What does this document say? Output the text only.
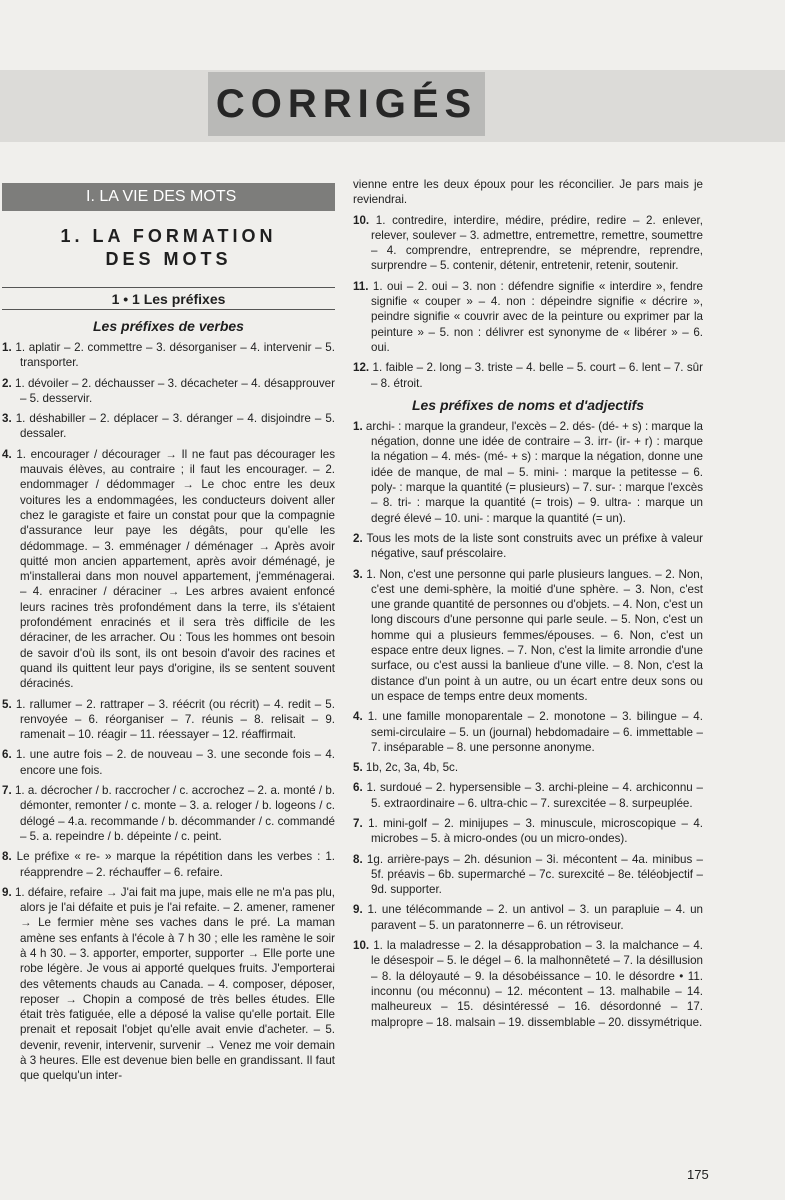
CORRIGÉS
I. LA VIE DES MOTS
1. LA FORMATION
DES MOTS
1 • 1 Les préfixes
Les préfixes de verbes

1. 1. aplatir – 2. commettre – 3. désorganiser – 4. intervenir – 5. transporter.

2. 1. dévoiler – 2. déchausser – 3. décacheter – 4. désapprouver – 5. desservir.

3. 1. déshabiller – 2. déplacer – 3. déranger – 4. disjoindre – 5. dessaler.

4. 1. encourager / décourager → Il ne faut pas décourager les mauvais élèves, au contraire ; il faut les encourager. – 2. endommager / dédommager → Le choc entre les deux voitures les a endommagées, les conducteurs doivent aller chez le garagiste et faire un constat pour que la compagnie d'assurance leur paye les dégâts, pour qu'elle les dédommage. – 3. emménager / déménager → Après avoir quitté mon ancien appartement, après avoir déménagé, je m'installerai dans mon nouvel appartement, j'emménagerai. – 4. enraciner / déraciner → Les arbres avaient enfoncé leurs racines très profondément dans la terre, ils s'étaient profondément enracinés et il sera très difficile de les déraciner, de les arracher. Ou : Tous les hommes ont besoin de savoir d'où ils sont, ils ont besoin d'avoir des racines et quand ils quittent leur pays d'origine, ils se sentent souvent déracinés.

5. 1. rallumer – 2. rattraper – 3. réécrit (ou récrit) – 4. redit – 5. renvoyée – 6. réorganiser – 7. réunis – 8. relisait – 9. ramenait – 10. réagir – 11. réessayer – 12. réaffirmait.

6. 1. une autre fois – 2. de nouveau – 3. une seconde fois – 4. encore une fois.

7. 1. a. décrocher / b. raccrocher / c. accrochez – 2. a. monté / b. démonter, remonter / c. monte – 3. a. reloger / b. logeons / c. délogé – 4.a. recommande / b. décommander / c. commandé – 5. a. repeindre / b. dépeinte / c. peint.

8. Le préfixe « re- » marque la répétition dans les verbes : 1. réapprendre – 2. réchauffer – 6. refaire.

9. 1. défaire, refaire → J'ai fait ma jupe, mais elle ne m'a pas plu, alors je l'ai défaite et puis je l'ai refaite. – 2. amener, ramener → Le fermier mène ses vaches dans le pré. La maman amène ses enfants à l'école à 7 h 30 ; elle les ramène le soir à 4 h 30. – 3. apporter, emporter, supporter → Elle porte une robe légère. Je vous ai apporté quelques fruits. J'emporterai des vêtements chauds au Canada. – 4. composer, déposer, reposer → Chopin a composé de très belles études. Elle était très fatiguée, elle a déposé la valise qu'elle portait. Elle prenait et reposait l'objet qu'elle avait envie d'acheter. – 5. devenir, revenir, intervenir, survenir → Venez me voir demain à 3 heures. Elle est devenue bien belle en grandissant. Il faut que quelqu'un inter-

vienne entre les deux époux pour les réconcilier. Je pars mais je reviendrai.

10. 1. contredire, interdire, médire, prédire, redire – 2. enlever, relever, soulever – 3. admettre, entremettre, remettre, soumettre – 4. comprendre, entreprendre, se méprendre, reprendre, surprendre – 5. contenir, détenir, entretenir, retenir, soutenir.

11. 1. oui – 2. oui – 3. non : défendre signifie « interdire », fendre signifie « couper » – 4. non : dépeindre signifie « décrire », peindre signifie « couvrir avec de la peinture ou exprimer par la peinture » – 5. non : délivrer est synonyme de « libérer » – 6. oui.

12. 1. faible – 2. long – 3. triste – 4. belle – 5. court – 6. lent – 7. sûr – 8. étroit.

Les préfixes de noms et d'adjectifs

1. archi- : marque la grandeur, l'excès – 2. dés- (dé- + s) : marque la négation, donne une idée de contraire – 3. irr- (ir- + r) : marque la négation – 4. més- (mé- + s) : marque la négation, donne une idée de manque, de mal – 5. mini- : marque la petitesse – 6. poly- : marque la quantité (= plusieurs) – 7. sur- : marque l'excès – 8. tri- : marque la quantité (= trois) – 9. ultra- : marque un degré élevé – 10. uni- : marque la quantité (= un).

2. Tous les mots de la liste sont construits avec un préfixe à valeur négative, sauf préscolaire.

3. 1. Non, c'est une personne qui parle plusieurs langues. – 2. Non, c'est une demi-sphère, la moitié d'une sphère. – 3. Non, c'est une grande quantité de personnes ou d'objets. – 4. Non, c'est un long discours d'une personne qui parle seule. – 5. Non, c'est un homme qui a plusieurs femmes/épouses. – 6. Non, c'est un espace entre deux lignes. – 7. Non, c'est la limite arrondie d'une surface, ou c'est aussi la banlieue d'une ville. – 8. Non, c'est la distance d'un point à un autre, ou un écart entre deux sons ou un espace de temps entre deux moments.

4. 1. une famille monoparentale – 2. monotone – 3. bilingue – 4. semi-circulaire – 5. un (journal) hebdomadaire – 6. immettable – 7. inséparable – 8. une personne anonyme.

5. 1b, 2c, 3a, 4b, 5c.

6. 1. surdoué – 2. hypersensible – 3. archi-pleine – 4. archiconnu – 5. extraordinaire – 6. ultra-chic – 7. surexcitée – 8. surpeuplée.

7. 1. mini-golf – 2. minijupes – 3. minuscule, microscopique – 4. microbes – 5. à micro-ondes (ou un micro-ondes).

8. 1g. arrière-pays – 2h. désunion – 3i. mécontent – 4a. minibus – 5f. préavis – 6b. supermarché – 7c. surexcité – 8e. téléobjectif – 9d. supporter.

9. 1. une télécommande – 2. un antivol – 3. un parapluie – 4. un paravent – 5. un paratonnerre – 6. un rétroviseur.

10. 1. la maladresse – 2. la désapprobation – 3. la malchance – 4. le désespoir – 5. le dégel – 6. la malhonnêteté – 7. la désillusion – 8. la déloyauté – 9. la désobéissance – 10. le désordre • 11. inconnu (ou méconnu) – 12. mécontent – 13. malhabile – 14. malheureux – 15. désintéressé – 16. désordonné – 17. malpropre – 18. malsain – 19. dissemblable – 20. dissymétrique.

175
